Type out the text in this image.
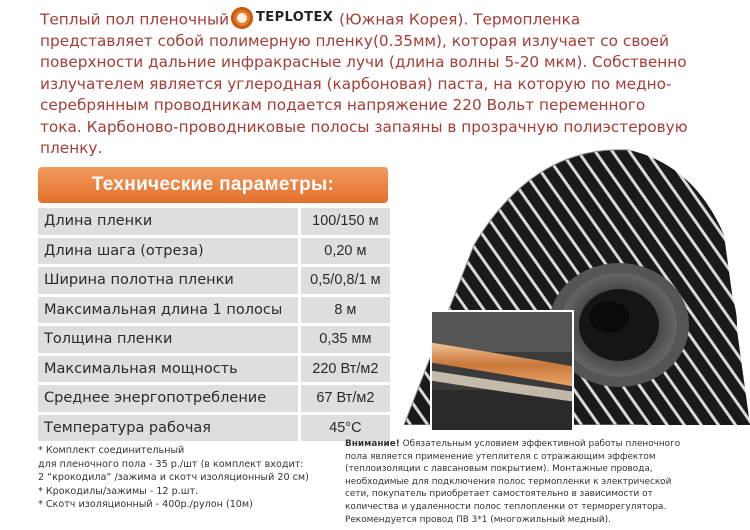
Теплый пол пленочный TEPLOTEX (Южная Корея). Термопленка

представляет собой полимерную пленку(0.35мм), которая излучает со своей

поверхности дальние инфракрасные лучи (длина волны 5-20 мкм). Собственно

излучателем является углеродная (карбоновая) паста, на которую по медно-

серебрянным проводникам подается напряжение 220 Вольт переменного

тока. Карбоново-проводниковые полосы запаяны в прозрачную полиэстеровую

пленку.

Технические параметры:
Длина пленки	100/150 м
Длина шага (отреза)	0,20 м
Ширина полотна пленки	0,5/0,8/1 м
Максимальная длина 1 полосы	8 м
Толщина пленки	0,35 мм
Максимальная мощность	220 Вт/м2
Среднее энергопотребление	67 Вт/м2
Температура рабочая	45°C

* Комплект соединительный

для пленочного пола - 35 р./шт (в комплект входит:

2 “крокодила” /зажима и скотч изоляционный 20 см)

* Крокодилы/зажимы - 12 р.шт.

* Скотч изоляционный - 400р./рулон (10м)

Внимание! Обязательным условием эффективной работы пленочного

пола является применение утеплителя с отражающим эффектом

(теплоизоляции с лавсановым покрытием). Монтажные провода,

необходимые для подключения полос термопленки к электрической

сети, покупатель приобретает самостоятельно в зависимости от

количества и удаленности полос теплопленки от терморегулятора.

Рекомендуется провод ПВ 3*1 (многожильный медный).
